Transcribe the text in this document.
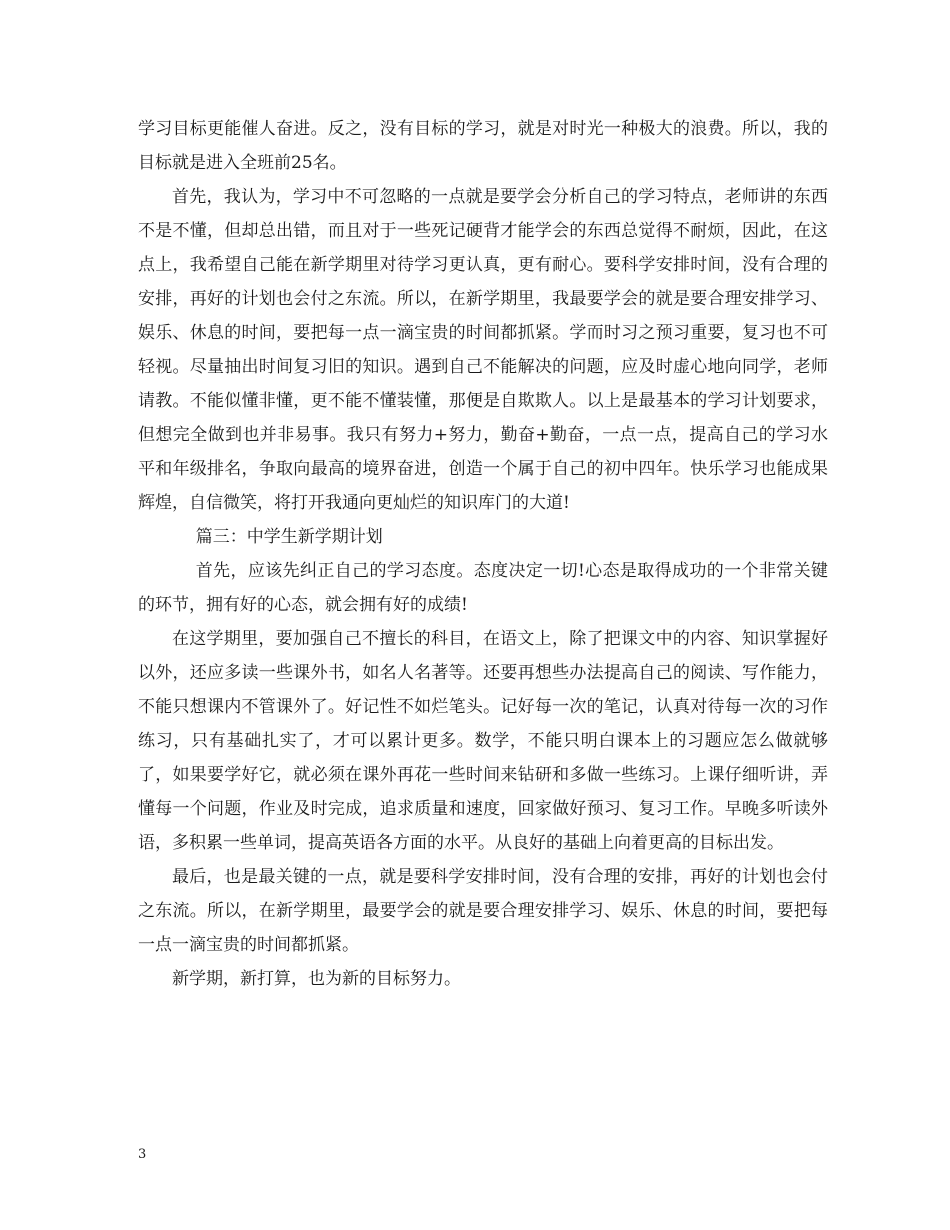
学习目标更能催人奋进。反之，没有目标的学习，就是对时光一种极大的浪费。所以，我的目标就是进入全班前25名。

首先，我认为，学习中不可忽略的一点就是要学会分析自己的学习特点，老师讲的东西不是不懂，但却总出错，而且对于一些死记硬背才能学会的东西总觉得不耐烦，因此，在这点上，我希望自己能在新学期里对待学习更认真，更有耐心。要科学安排时间，没有合理的安排，再好的计划也会付之东流。所以，在新学期里，我最要学会的就是要合理安排学习、娱乐、休息的时间，要把每一点一滴宝贵的时间都抓紧。学而时习之预习重要，复习也不可轻视。尽量抽出时间复习旧的知识。遇到自己不能解决的问题，应及时虚心地向同学，老师请教。不能似懂非懂，更不能不懂装懂，那便是自欺欺人。以上是最基本的学习计划要求，但想完全做到也并非易事。我只有努力+努力，勤奋+勤奋，一点一点，提高自己的学习水平和年级排名，争取向最高的境界奋进，创造一个属于自己的初中四年。快乐学习也能成果辉煌，自信微笑，将打开我通向更灿烂的知识库门的大道!

篇三：中学生新学期计划

首先，应该先纠正自己的学习态度。态度决定一切!心态是取得成功的一个非常关键的环节，拥有好的心态，就会拥有好的成绩!

在这学期里，要加强自己不擅长的科目，在语文上，除了把课文中的内容、知识掌握好以外，还应多读一些课外书，如名人名著等。还要再想些办法提高自己的阅读、写作能力，不能只想课内不管课外了。好记性不如烂笔头。记好每一次的笔记，认真对待每一次的习作练习，只有基础扎实了，才可以累计更多。数学，不能只明白课本上的习题应怎么做就够了，如果要学好它，就必须在课外再花一些时间来钻研和多做一些练习。上课仔细听讲，弄懂每一个问题，作业及时完成，追求质量和速度，回家做好预习、复习工作。早晚多听读外语，多积累一些单词，提高英语各方面的水平。从良好的基础上向着更高的目标出发。

最后，也是最关键的一点，就是要科学安排时间，没有合理的安排，再好的计划也会付之东流。所以，在新学期里，最要学会的就是要合理安排学习、娱乐、休息的时间，要把每一点一滴宝贵的时间都抓紧。

新学期，新打算，也为新的目标努力。

3
